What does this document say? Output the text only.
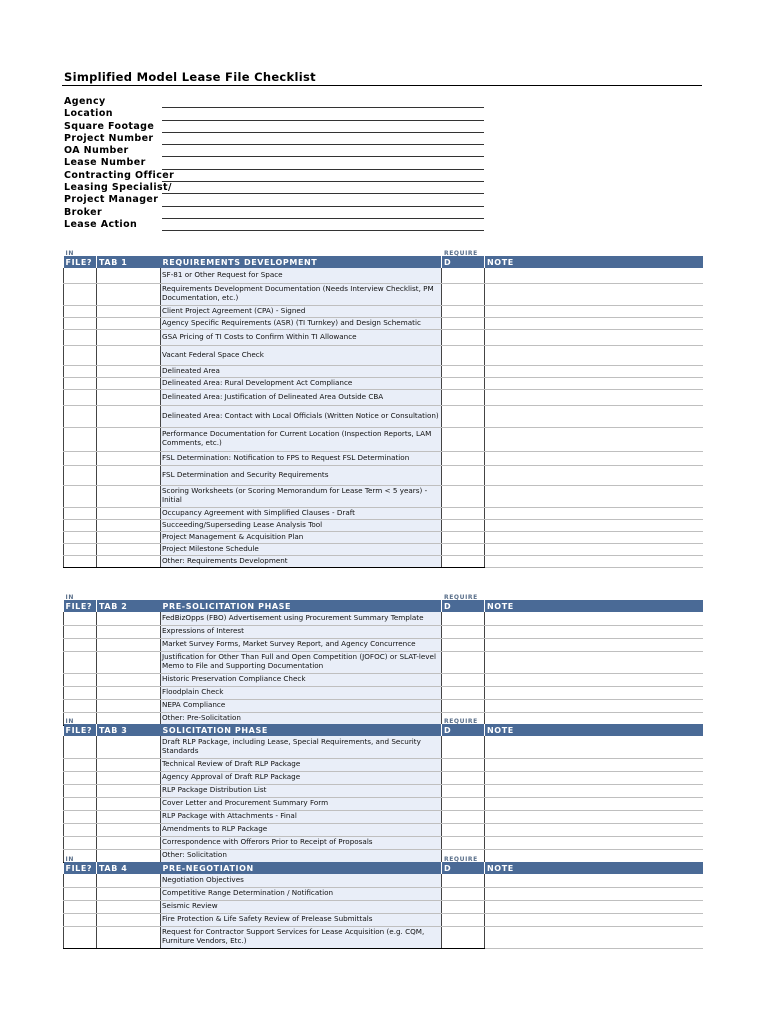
Simplified Model Lease File Checklist
Agency
Location
Square Footage
Project Number
OA Number
Lease Number
Contracting Officer
Leasing Specialist/
Project Manager
Broker
Lease Action
IN
FILE?	TAB 1	REQUIREMENTS DEVELOPMENT	REQUIRE
D	NOTE
		SF-81 or Other Request for Space		
		Requirements Development Documentation (Needs Interview Checklist, PM Documentation, etc.)		
		Client Project Agreement (CPA) - Signed		
		Agency Specific Requirements (ASR) (TI Turnkey) and Design Schematic		
		GSA Pricing of TI Costs to Confirm Within TI Allowance		
		Vacant Federal Space Check		
		Delineated Area		
		Delineated Area: Rural Development Act Compliance		
		Delineated Area: Justification of Delineated Area Outside CBA		
		Delineated Area: Contact with Local Officials (Written Notice or Consultation)		
		Performance Documentation for Current Location (Inspection Reports, LAM Comments, etc.)		
		FSL Determination: Notification to FPS to Request FSL Determination		
		FSL Determination and Security Requirements		
		Scoring Worksheets (or Scoring Memorandum for Lease Term < 5 years) - Initial		
		Occupancy Agreement with Simplified Clauses - Draft		
		Succeeding/Superseding Lease Analysis Tool		
		Project Management & Acquisition Plan		
		Project Milestone Schedule		
		Other: Requirements Development		
IN
FILE?	TAB 2	PRE-SOLICITATION PHASE	REQUIRE
D	NOTE
		FedBizOpps (FBO) Advertisement using Procurement Summary Template		
		Expressions of Interest		
		Market Survey Forms, Market Survey Report, and Agency Concurrence		
		Justification for Other Than Full and Open Competition (JOFOC) or SLAT-level Memo to File and Supporting Documentation		
		Historic Preservation Compliance Check		
		Floodplain Check		
		NEPA Compliance		
		Other: Pre-Solicitation		
IN
FILE?	TAB 3	SOLICITATION PHASE	REQUIRE
D	NOTE
		Draft RLP Package, including Lease, Special Requirements, and Security Standards		
		Technical Review of Draft RLP Package		
		Agency Approval of Draft RLP Package		
		RLP Package Distribution List		
		Cover Letter and Procurement Summary Form		
		RLP Package with Attachments - Final		
		Amendments to RLP Package		
		Correspondence with Offerors Prior to Receipt of Proposals		
		Other: Solicitation		
IN
FILE?	TAB 4	PRE-NEGOTIATION	REQUIRE
D	NOTE
		Negotiation Objectives		
		Competitive Range Determination / Notification		
		Seismic Review		
		Fire Protection & Life Safety Review of Prelease Submittals		
		Request for Contractor Support Services for Lease Acquisition (e.g. CQM, Furniture Vendors, Etc.)		
